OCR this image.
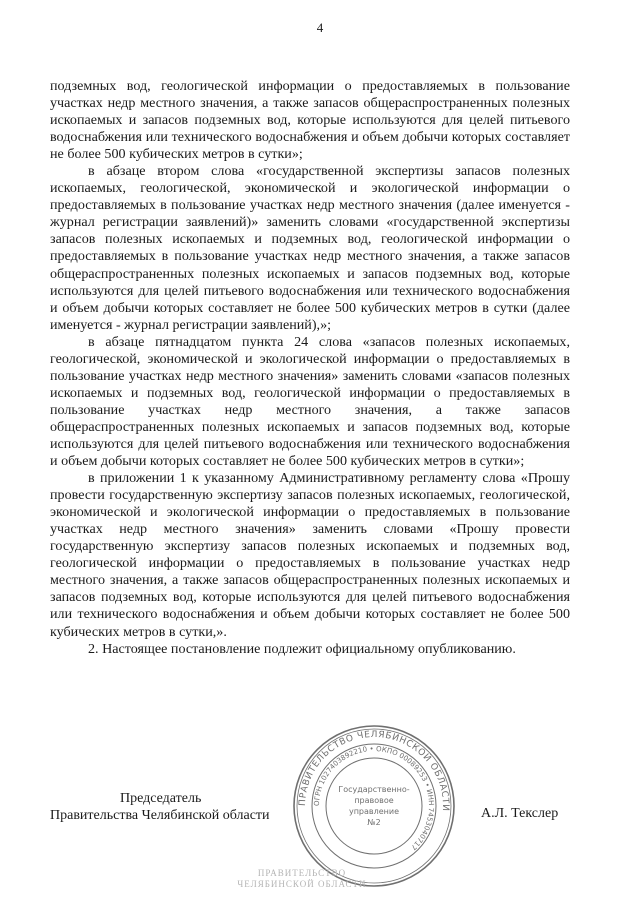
4

подземных вод, геологической информации о предоставляемых в пользование участках недр местного значения, а также запасов общераспространенных полезных ископаемых и запасов подземных вод, которые используются для целей питьевого водоснабжения или технического водоснабжения и объем добычи которых составляет не более 500 кубических метров в сутки»;

в абзаце втором слова «государственной экспертизы запасов полезных ископаемых, геологической, экономической и экологической информации о предоставляемых в пользование участках недр местного значения (далее именуется - журнал регистрации заявлений)» заменить словами «государственной экспертизы запасов полезных ископаемых и подземных вод, геологической информации о предоставляемых в пользование участках недр местного значения, а также запасов общераспространенных полезных ископаемых и запасов подземных вод, которые используются для целей питьевого водоснабжения или технического водоснабжения и объем добычи которых составляет не более 500 кубических метров в сутки (далее именуется - журнал регистрации заявлений),»;

в абзаце пятнадцатом пункта 24 слова «запасов полезных ископаемых, геологической, экономической и экологической информации о предоставляемых в пользование участках недр местного значения» заменить словами «запасов полезных ископаемых и подземных вод, геологической информации о предоставляемых в пользование участках недр местного значения, а также запасов общераспространенных полезных ископаемых и запасов подземных вод, которые используются для целей питьевого водоснабжения или технического водоснабжения и объем добычи которых составляет не более 500 кубических метров в сутки»;

в приложении 1 к указанному Административному регламенту слова «Прошу провести государственную экспертизу запасов полезных ископаемых, геологической, экономической и экологической информации о предоставляемых в пользование участках недр местного значения» заменить словами «Прошу провести государственную экспертизу запасов полезных ископаемых и подземных вод, геологической информации о предоставляемых в пользование участках недр местного значения, а также запасов общераспространенных полезных ископаемых и запасов подземных вод, которые используются для целей питьевого водоснабжения или технического водоснабжения и объем добычи которых составляет не более 500 кубических метров в сутки,».

2. Настоящее постановление подлежит официальному опубликованию.

Председатель
Правительства Челябинской области	А.Л. Текслер
ПРАВИТЕЛЬСТВО ЧЕЛЯБИНСКОЙ ОБЛАСТИ
ОГРН 1027403892210 • ОКПО 00089253 • ИНН 7453040717
Государственно-
правовое
управление
№2
ПРАВИТЕЛЬСТВО
ЧЕЛЯБИНСКОЙ ОБЛАСТИ
